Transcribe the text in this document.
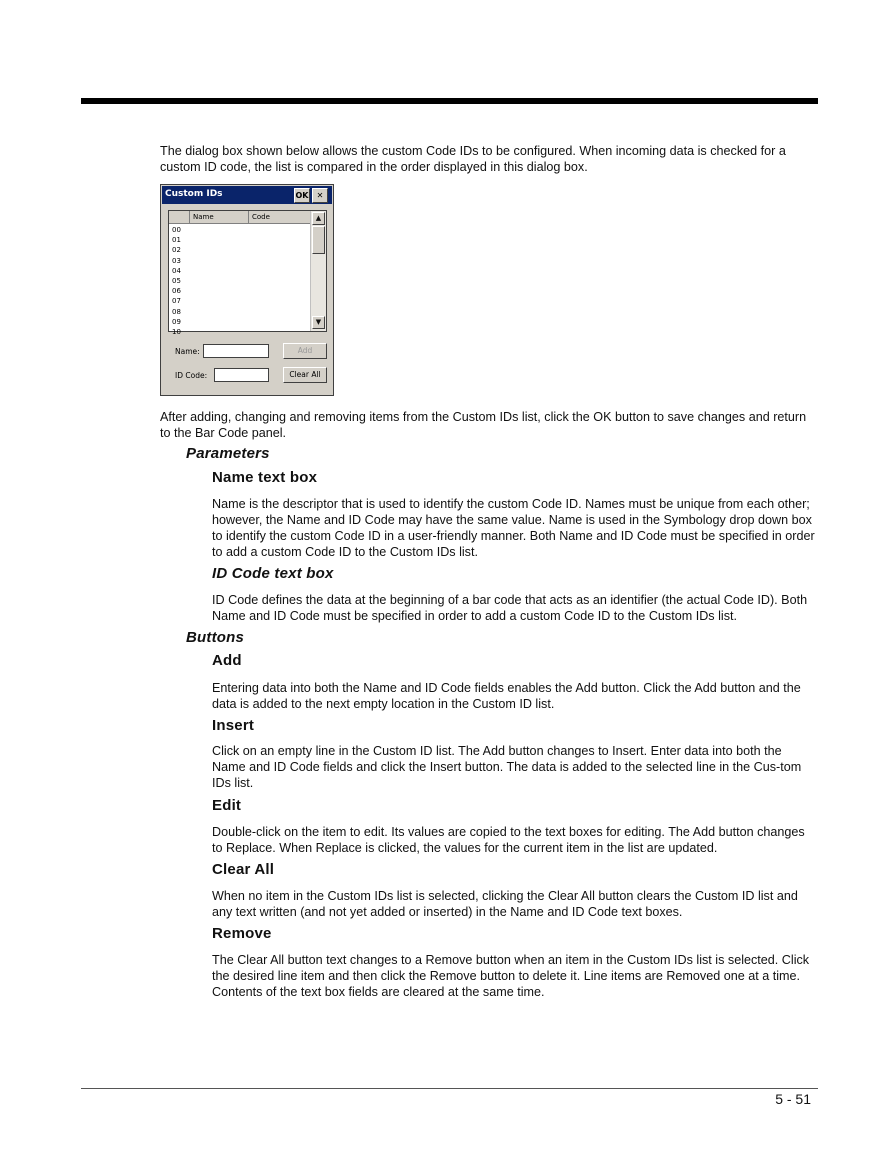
The dialog box shown below allows the custom Code IDs to be configured. When incoming data is checked for a custom ID code, the list is compared in the order displayed in this dialog box.

Custom IDs	OK	✕
Name	Code
00
01
02
03
04
05
06
07
08
09
10
▲
▼
Name:	Add
ID Code:	Clear All

After adding, changing and removing items from the Custom IDs list, click the OK button to save changes and return to the Bar Code panel.

Parameters
Name text box

Name is the descriptor that is used to identify the custom Code ID. Names must be unique from each other; however, the Name and ID Code may have the same value. Name is used in the Symbology drop down box to identify the custom Code ID in a user-friendly manner. Both Name and ID Code must be specified in order to add a custom Code ID to the Custom IDs list.

ID Code text box

ID Code defines the data at the beginning of a bar code that acts as an identifier (the actual Code ID). Both Name and ID Code must be specified in order to add a custom Code ID to the Custom IDs list.

Buttons
Add

Entering data into both the Name and ID Code fields enables the Add button. Click the Add button and the data is added to the next empty location in the Custom ID list.

Insert

Click on an empty line in the Custom ID list. The Add button changes to Insert. Enter data into both the Name and ID Code fields and click the Insert button. The data is added to the selected line in the Cus-tom IDs list.

Edit

Double-click on the item to edit. Its values are copied to the text boxes for editing. The Add button changes to Replace. When Replace is clicked, the values for the current item in the list are updated.

Clear All

When no item in the Custom IDs list is selected, clicking the Clear All button clears the Custom ID list and any text written (and not yet added or inserted) in the Name and ID Code text boxes.

Remove

The Clear All button text changes to a Remove button when an item in the Custom IDs list is selected. Click the desired line item and then click the Remove button to delete it. Line items are Removed one at a time. Contents of the text box fields are cleared at the same time.

5 - 51
